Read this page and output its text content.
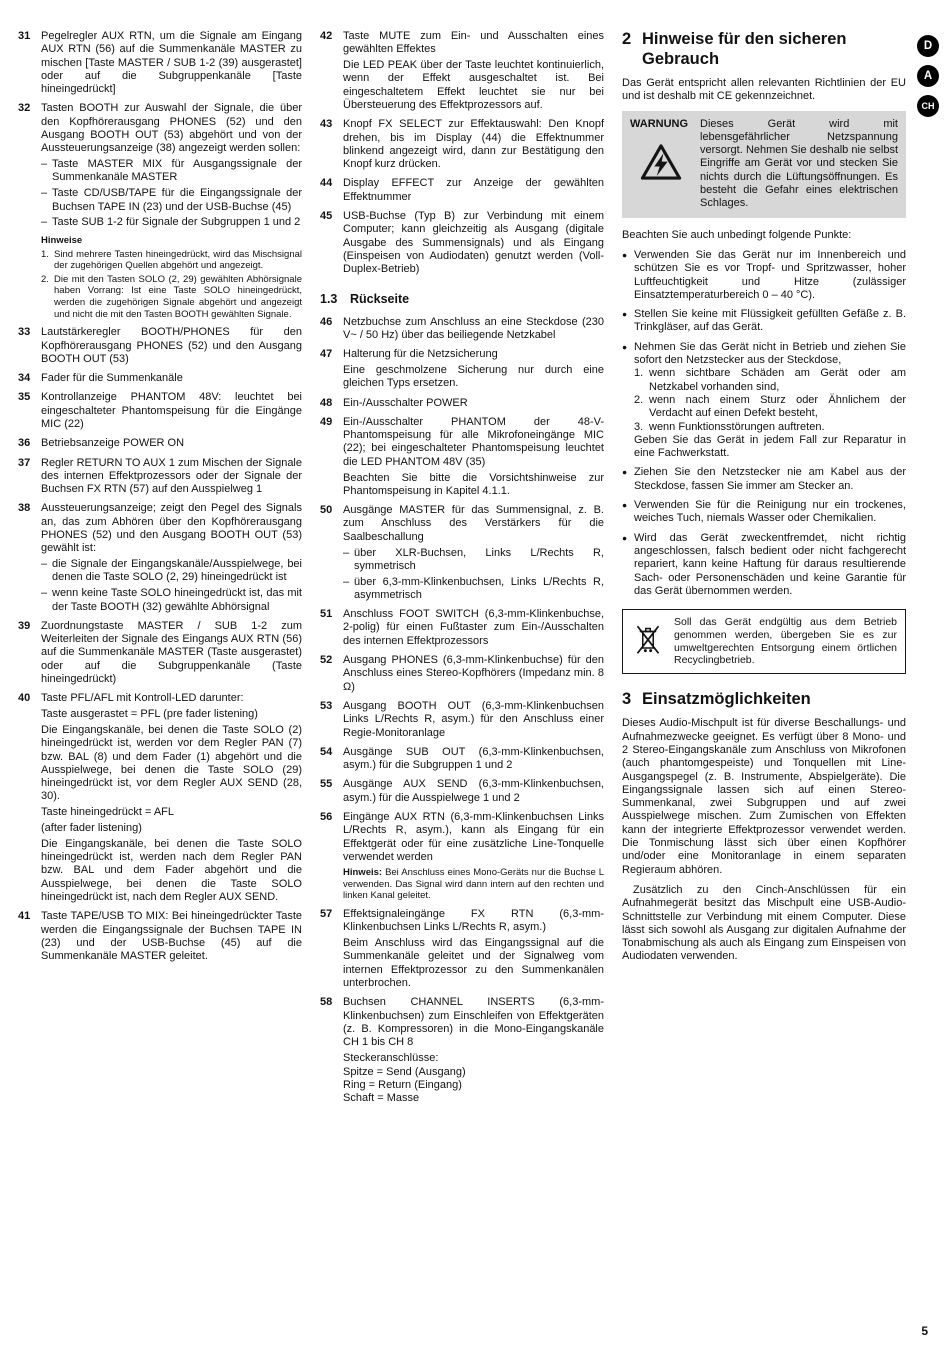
D
A
CH
31 Pegelregler AUX RTN, um die Signale am Eingang AUX RTN (56) auf die Summenkanäle MASTER zu mischen [Taste MASTER / SUB 1-2 (39) ausgerastet] oder auf die Subgruppenkanäle [Taste hineingedrückt]
32 Tasten BOOTH zur Auswahl der Signale, die über den Kopfhörerausgang PHONES (52) und den Ausgang BOOTH OUT (53) abgehört und von der Aussteuerungsanzeige (38) angezeigt werden sollen:
– Taste MASTER MIX für Ausgangssignale der Summenkanäle MASTER
– Taste CD/USB/TAPE für die Eingangssignale der Buchsen TAPE IN (23) und der USB-Buchse (45)
– Taste SUB 1-2 für Signale der Subgruppen 1 und 2
Hinweise
1. Sind mehrere Tasten hineingedrückt, wird das Mischsignal der zugehörigen Quellen abgehört und angezeigt.
2. Die mit den Tasten SOLO (2, 29) gewählten Abhörsignale haben Vorrang: Ist eine Taste SOLO hineingedrückt, werden die zugehörigen Signale abgehört und angezeigt und nicht die mit den Tasten BOOTH gewählten Signale.
33 Lautstärkeregler BOOTH/PHONES für den Kopfhörerausgang PHONES (52) und den Ausgang BOOTH OUT (53)
34 Fader für die Summenkanäle
35 Kontrollanzeige PHANTOM 48V: leuchtet bei eingeschalteter Phantomspeisung für die Eingänge MIC (22)
36 Betriebsanzeige POWER ON
37 Regler RETURN TO AUX 1 zum Mischen der Signale des internen Effektprozessors oder der Signale der Buchsen FX RTN (57) auf den Ausspielweg 1
38 Aussteuerungsanzeige; zeigt den Pegel des Signals an, das zum Abhören über den Kopfhörerausgang PHONES (52) und den Ausgang BOOTH OUT (53) gewählt ist:
– die Signale der Eingangskanäle/Ausspielwege, bei denen die Taste SOLO (2, 29) hineingedrückt ist
– wenn keine Taste SOLO hineingedrückt ist, das mit der Taste BOOTH (32) gewählte Abhörsignal
39 Zuordnungstaste MASTER / SUB 1-2 zum Weiterleiten der Signale des Eingangs AUX RTN (56) auf die Summenkanäle MASTER (Taste ausgerastet) oder auf die Subgruppenkanäle (Taste hineingedrückt)
40 Taste PFL/AFL mit Kontroll-LED darunter:
Taste ausgerastet = PFL (pre fader listening)
Die Eingangskanäle, bei denen die Taste SOLO (2) hineingedrückt ist, werden vor dem Regler PAN (7) bzw. BAL (8) und dem Fader (1) abgehört und die Ausspielwege, bei denen die Taste SOLO (29) hineingedrückt ist, vor dem Regler AUX SEND (28, 30).
Taste hineingedrückt = AFL
(after fader listening)
Die Eingangskanäle, bei denen die Taste SOLO hineingedrückt ist, werden nach dem Regler PAN bzw. BAL und dem Fader abgehört und die Ausspielwege, bei denen die Taste SOLO hineingedrückt ist, nach dem Regler AUX SEND.
41 Taste TAPE/USB TO MIX: Bei hineingedrückter Taste werden die Eingangssignale der Buchsen TAPE IN (23) und der USB-Buchse (45) auf die Summenkanäle MASTER geleitet.
42 Taste MUTE zum Ein- und Ausschalten eines gewählten Effektes
Die LED PEAK über der Taste leuchtet kontinuierlich, wenn der Effekt ausgeschaltet ist. Bei eingeschaltetem Effekt leuchtet sie nur bei Übersteuerung des Effektprozessors auf.
43 Knopf FX SELECT zur Effektauswahl: Den Knopf drehen, bis im Display (44) die Effektnummer blinkend angezeigt wird, dann zur Bestätigung den Knopf kurz drücken.
44 Display EFFECT zur Anzeige der gewählten Effektnummer
45 USB-Buchse (Typ B) zur Verbindung mit einem Computer; kann gleichzeitig als Ausgang (digitale Ausgabe des Summensignals) und als Eingang (Einspeisen von Audiodaten) genutzt werden (Voll-Duplex-Betrieb)
1.3	Rückseite
46 Netzbuchse zum Anschluss an eine Steckdose (230 V~ / 50 Hz) über das beiliegende Netzkabel
47 Halterung für die Netzsicherung
Eine geschmolzene Sicherung nur durch eine gleichen Typs ersetzen.
48 Ein-/Ausschalter POWER
49 Ein-/Ausschalter PHANTOM der 48-V-Phantomspeisung für alle Mikrofoneingänge MIC (22); bei eingeschalteter Phantomspeisung leuchtet die LED PHANTOM 48V (35)
Beachten Sie bitte die Vorsichtshinweise zur Phantomspeisung in Kapitel 4.1.1.
50 Ausgänge MASTER für das Summensignal, z. B. zum Anschluss des Verstärkers für die Saalbeschallung
– über XLR-Buchsen, Links L/Rechts R, symmetrisch
– über 6,3-mm-Klinkenbuchsen, Links L/Rechts R, asymmetrisch
51 Anschluss FOOT SWITCH (6,3-mm-Klinkenbuchse, 2-polig) für einen Fußtaster zum Ein-/Ausschalten des internen Effektprozessors
52 Ausgang PHONES (6,3-mm-Klinkenbuchse) für den Anschluss eines Stereo-Kopfhörers (Impedanz min. 8 Ω)
53 Ausgang BOOTH OUT (6,3-mm-Klinkenbuchsen Links L/Rechts R, asym.) für den Anschluss einer Regie-Monitoranlage
54 Ausgänge SUB OUT (6,3-mm-Klinkenbuchsen, asym.) für die Subgruppen 1 und 2
55 Ausgänge AUX SEND (6,3-mm-Klinkenbuchsen, asym.) für die Ausspielwege 1 und 2
56 Eingänge AUX RTN (6,3-mm-Klinkenbuchsen Links L/Rechts R, asym.), kann als Eingang für ein Effektgerät oder für eine zusätzliche Line-Tonquelle verwendet werden
Hinweis: Bei Anschluss eines Mono-Geräts nur die Buchse L verwenden. Das Signal wird dann intern auf den rechten und linken Kanal geleitet.
57 Effektsignaleingänge FX RTN (6,3-mm-Klinkenbuchsen Links L/Rechts R, asym.)
Beim Anschluss wird das Eingangssignal auf die Summenkanäle geleitet und der Signalweg vom internen Effektprozessor zu den Summenkanälen unterbrochen.
58 Buchsen CHANNEL INSERTS (6,3-mm-Klinkenbuchsen) zum Einschleifen von Effektgeräten (z. B. Kompressoren) in die Mono-Eingangskanäle CH 1 bis CH 8
Steckeranschlüsse:
Spitze = Send (Ausgang)
Ring = Return (Eingang)
Schaft = Masse
2 Hinweise für den sicheren Gebrauch
Das Gerät entspricht allen relevanten Richtlinien der EU und ist deshalb mit CE gekennzeichnet.
WARNUNG	Dieses Gerät wird mit lebensgefährlicher Netzspannung versorgt. Nehmen Sie deshalb nie selbst Eingriffe am Gerät vor und stecken Sie nichts durch die Lüftungsöffnungen. Es besteht die Gefahr eines elektrischen Schlages.
Beachten Sie auch unbedingt folgende Punkte:
● Verwenden Sie das Gerät nur im Innenbereich und schützen Sie es vor Tropf- und Spritzwasser, hoher Luftfeuchtigkeit und Hitze (zulässiger Einsatztemperaturbereich 0 – 40 °C).
● Stellen Sie keine mit Flüssigkeit gefüllten Gefäße z. B. Trinkgläser, auf das Gerät.
● Nehmen Sie das Gerät nicht in Betrieb und ziehen Sie sofort den Netzstecker aus der Steckdose,
1. wenn sichtbare Schäden am Gerät oder am Netzkabel vorhanden sind,
2. wenn nach einem Sturz oder Ähnlichem der Verdacht auf einen Defekt besteht,
3. wenn Funktionsstörungen auftreten.
Geben Sie das Gerät in jedem Fall zur Reparatur in eine Fachwerkstatt.
● Ziehen Sie den Netzstecker nie am Kabel aus der Steckdose, fassen Sie immer am Stecker an.
● Verwenden Sie für die Reinigung nur ein trockenes, weiches Tuch, niemals Wasser oder Chemikalien.
● Wird das Gerät zweckentfremdet, nicht richtig angeschlossen, falsch bedient oder nicht fachgerecht repariert, kann keine Haftung für daraus resultierende Sach- oder Personenschäden und keine Garantie für das Gerät übernommen werden.
Soll das Gerät endgültig aus dem Betrieb genommen werden, übergeben Sie es zur umweltgerechten Entsorgung einem örtlichen Recyclingbetrieb.
3 Einsatzmöglichkeiten
Dieses Audio-Mischpult ist für diverse Beschallungs- und Aufnahmezwecke geeignet. Es verfügt über 8 Mono- und 2 Stereo-Eingangskanäle zum Anschluss von Mikrofonen (auch phantomgespeiste) und Tonquellen mit Line-Ausgangspegel (z. B. Instrumente, Abspielgeräte). Die Eingangssignale lassen sich auf einen Stereo-Summenkanal, zwei Subgruppen und auf zwei Ausspielwege mischen. Zum Zumischen von Effekten kann der integrierte Effektprozessor verwendet werden. Die Tonmischung lässt sich über einen Kopfhörer und/oder eine Monitoranlage in einem separaten Regieraum abhören.
Zusätzlich zu den Cinch-Anschlüssen für ein Aufnahmegerät besitzt das Mischpult eine USB-Audio-Schnittstelle zur Verbindung mit einem Computer. Diese lässt sich sowohl als Ausgang zur digitalen Aufnahme der Tonabmischung als auch als Eingang zum Einspeisen von Audiodaten verwenden.
5
